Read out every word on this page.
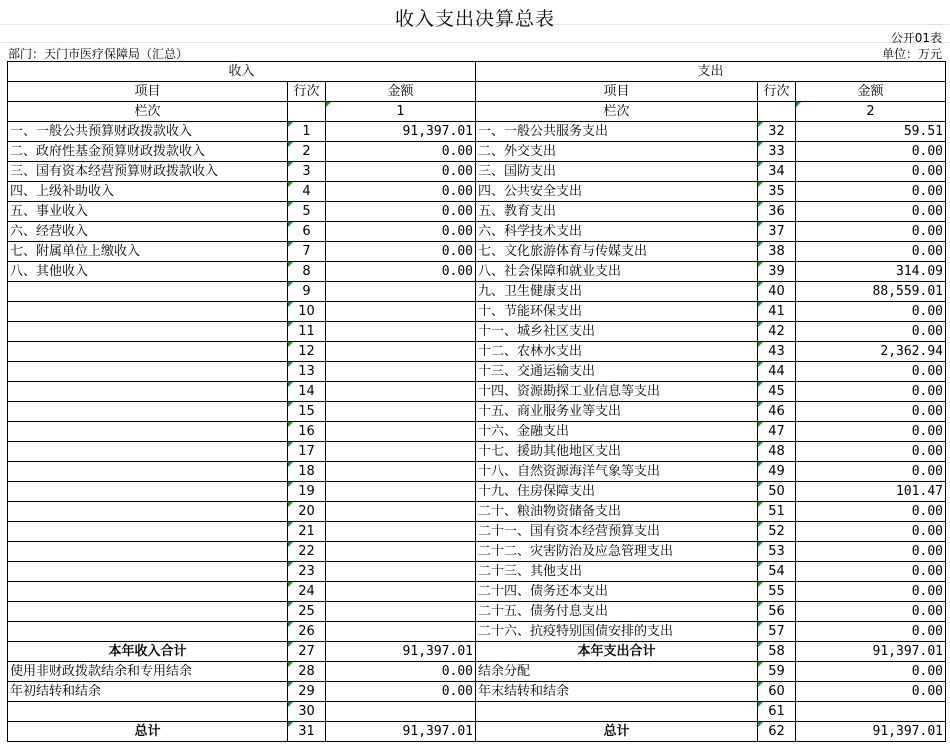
收入支出决算总表
公开01表
部门：天门市医疗保障局（汇总）	单位：万元
收入			支出		
项目	行次	金额	项目	行次	金额
栏次		1	栏次		2
一、一般公共预算财政拨款收入	1	91,397.01	一、一般公共服务支出	32	59.51
二、政府性基金预算财政拨款收入	2	0.00	二、外交支出	33	0.00
三、国有资本经营预算财政拨款收入	3	0.00	三、国防支出	34	0.00
四、上级补助收入	4	0.00	四、公共安全支出	35	0.00
五、事业收入	5	0.00	五、教育支出	36	0.00
六、经营收入	6	0.00	六、科学技术支出	37	0.00
七、附属单位上缴收入	7	0.00	七、文化旅游体育与传媒支出	38	0.00
八、其他收入	8	0.00	八、社会保障和就业支出	39	314.09
	9		九、卫生健康支出	40	88,559.01
	10		十、节能环保支出	41	0.00
	11		十一、城乡社区支出	42	0.00
	12		十二、农林水支出	43	2,362.94
	13		十三、交通运输支出	44	0.00
	14		十四、资源勘探工业信息等支出	45	0.00
	15		十五、商业服务业等支出	46	0.00
	16		十六、金融支出	47	0.00
	17		十七、援助其他地区支出	48	0.00
	18		十八、自然资源海洋气象等支出	49	0.00
	19		十九、住房保障支出	50	101.47
	20		二十、粮油物资储备支出	51	0.00
	21		二十一、国有资本经营预算支出	52	0.00
	22		二十二、灾害防治及应急管理支出	53	0.00
	23		二十三、其他支出	54	0.00
	24		二十四、债务还本支出	55	0.00
	25		二十五、债务付息支出	56	0.00
	26		二十六、抗疫特别国债安排的支出	57	0.00
本年收入合计	27	91,397.01	本年支出合计	58	91,397.01
使用非财政拨款结余和专用结余	28	0.00	结余分配	59	0.00
年初结转和结余	29	0.00	年末结转和结余	60	0.00
	30			61	
总计	31	91,397.01	总计	62	91,397.01
